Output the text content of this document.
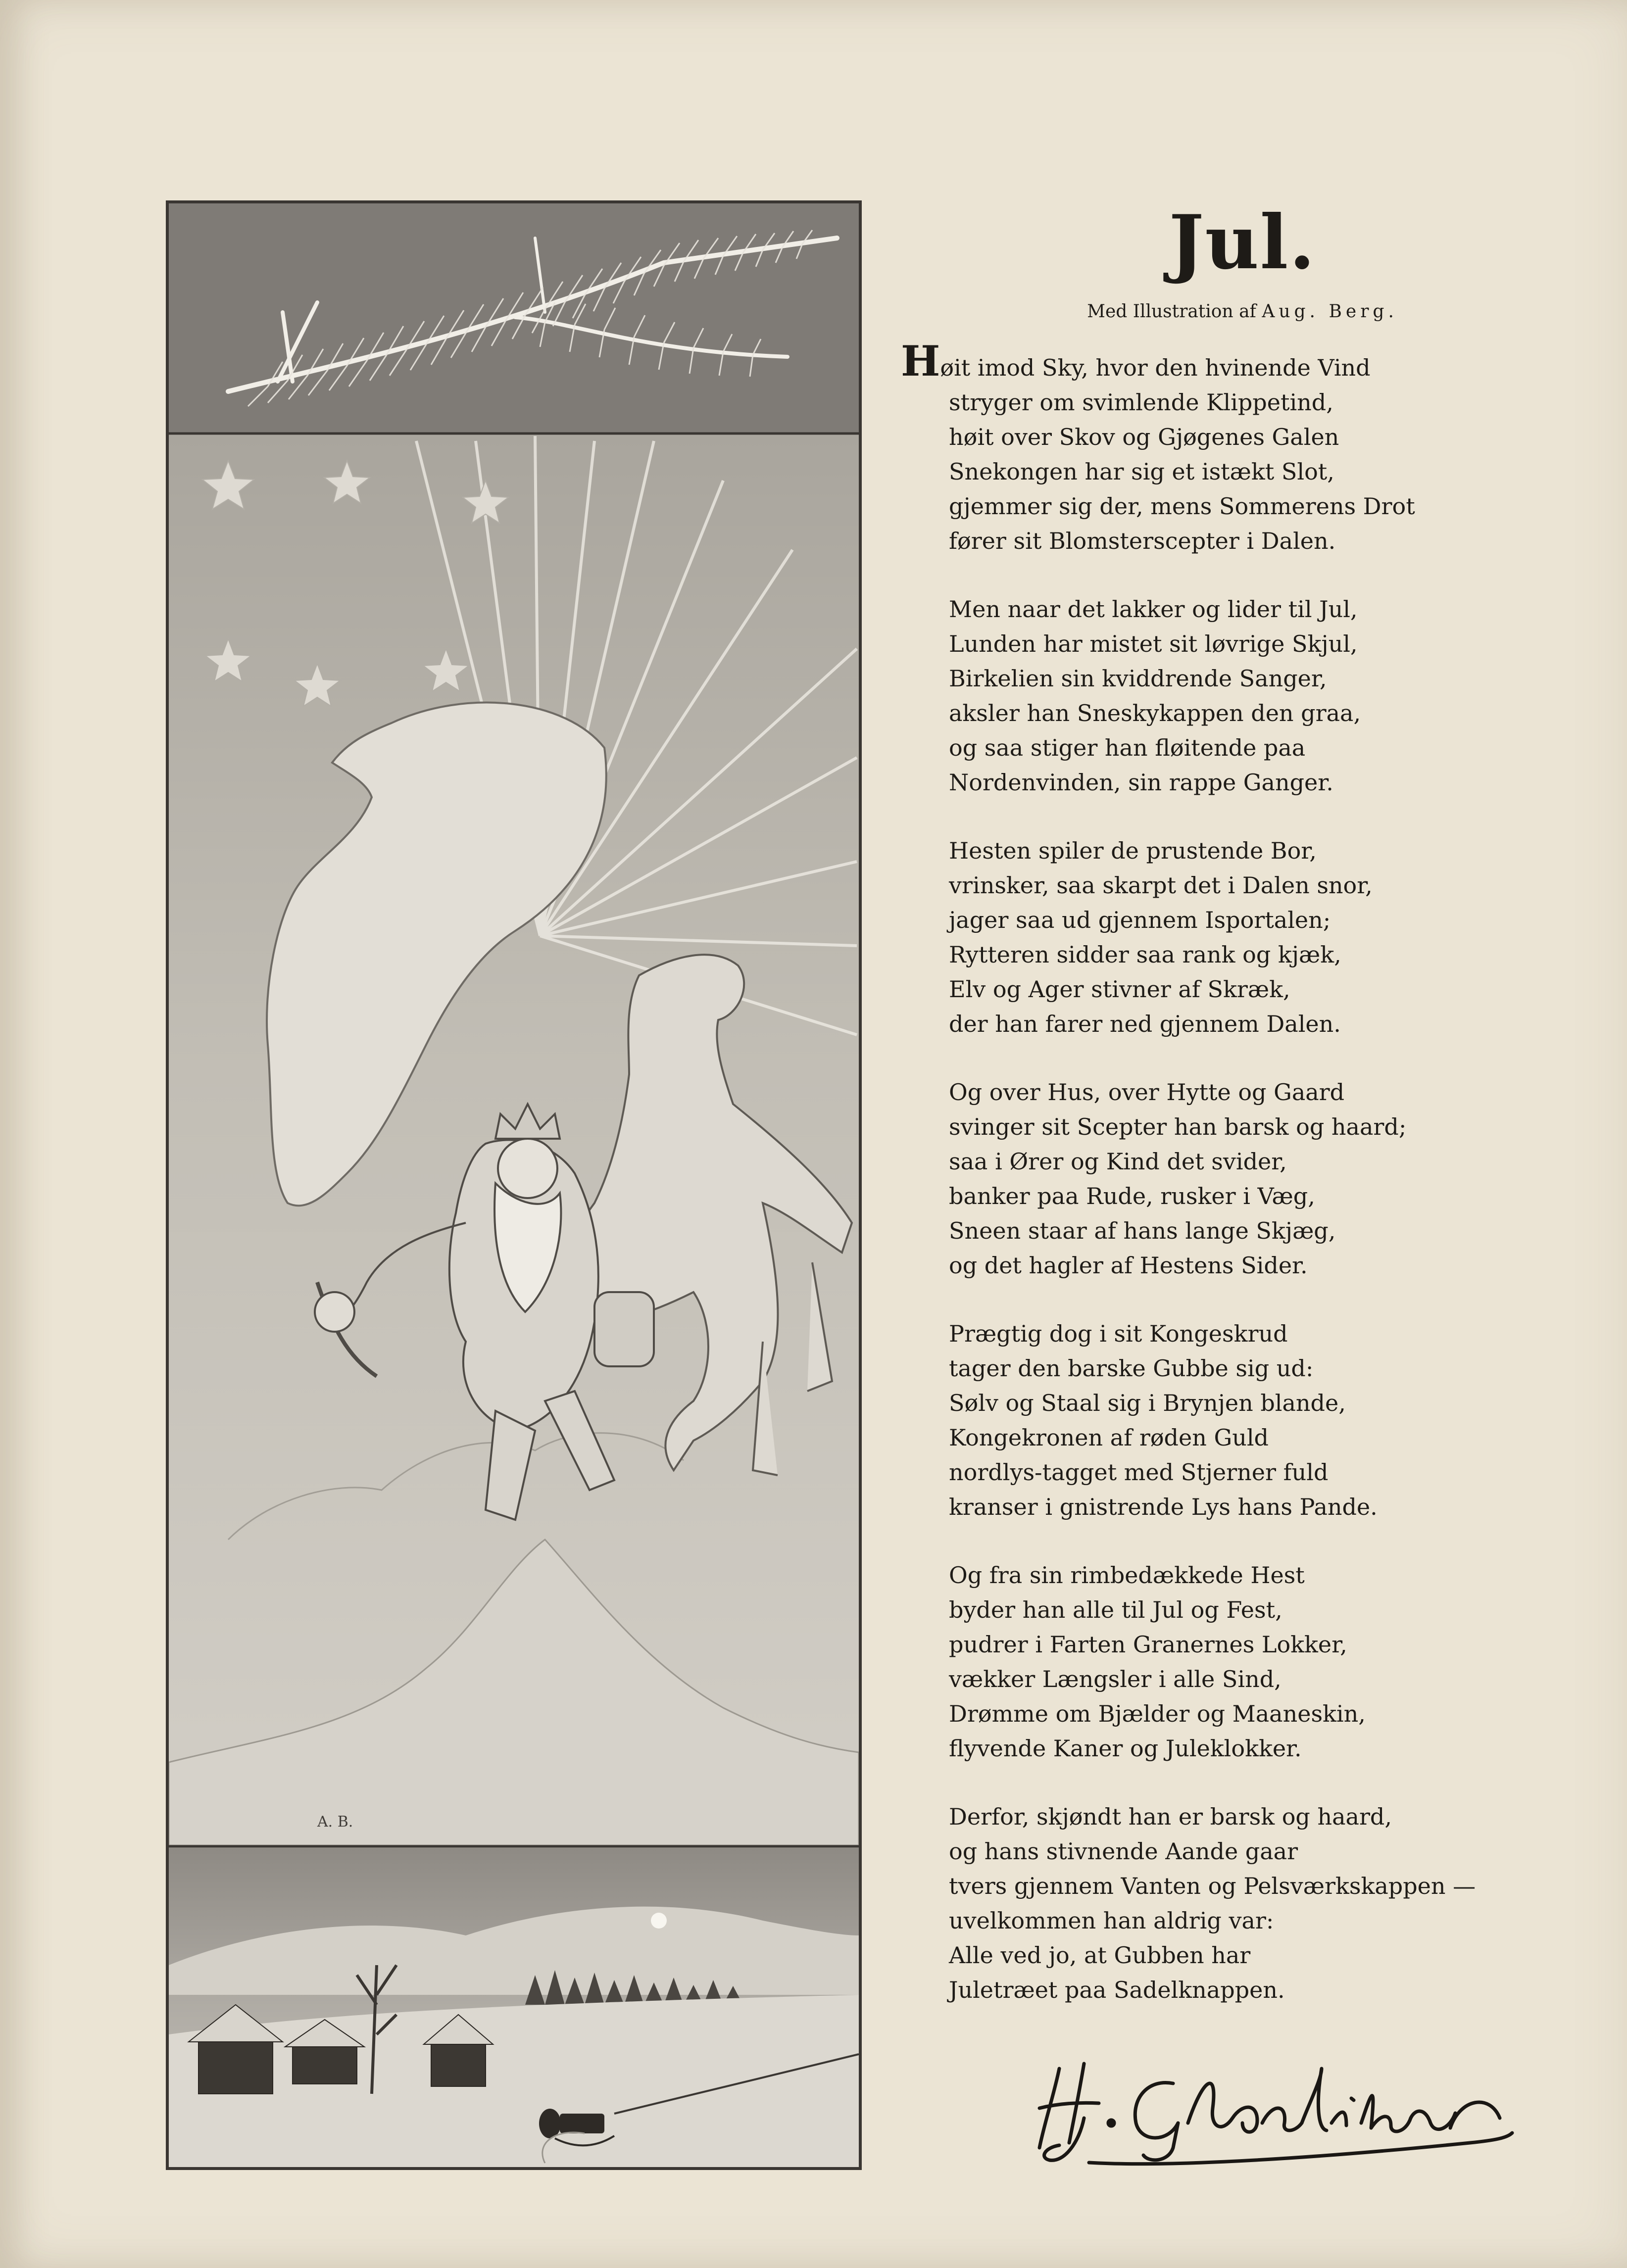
A. B.
Jul.
Med Illustration af Aug. Berg.
Høit imod Sky, hvor den hvinende Vind
stryger om svimlende Klippetind,
høit over Skov og Gjøgenes Galen
Snekongen har sig et istækt Slot,
gjemmer sig der, mens Sommerens Drot
fører sit Blomsterscepter i Dalen.
Men naar det lakker og lider til Jul,
Lunden har mistet sit løvrige Skjul,
Birkelien sin kviddrende Sanger,
aksler han Sneskykappen den graa,
og saa stiger han fløitende paa
Nordenvinden, sin rappe Ganger.
Hesten spiler de prustende Bor,
vrinsker, saa skarpt det i Dalen snor,
jager saa ud gjennem Isportalen;
Rytteren sidder saa rank og kjæk,
Elv og Ager stivner af Skræk,
der han farer ned gjennem Dalen.
Og over Hus, over Hytte og Gaard
svinger sit Scepter han barsk og haard;
saa i Ører og Kind det svider,
banker paa Rude, rusker i Væg,
Sneen staar af hans lange Skjæg,
og det hagler af Hestens Sider.
Prægtig dog i sit Kongeskrud
tager den barske Gubbe sig ud:
Sølv og Staal sig i Brynjen blande,
Kongekronen af røden Guld
nordlys-tagget med Stjerner fuld
kranser i gnistrende Lys hans Pande.
Og fra sin rimbedækkede Hest
byder han alle til Jul og Fest,
pudrer i Farten Granernes Lokker,
vækker Længsler i alle Sind,
Drømme om Bjælder og Maaneskin,
flyvende Kaner og Juleklokker.
Derfor, skjøndt han er barsk og haard,
og hans stivnende Aande gaar
tvers gjennem Vanten og Pelsværkskappen —
uvelkommen han aldrig var:
Alle ved jo, at Gubben har
Juletræet paa Sadelknappen.
